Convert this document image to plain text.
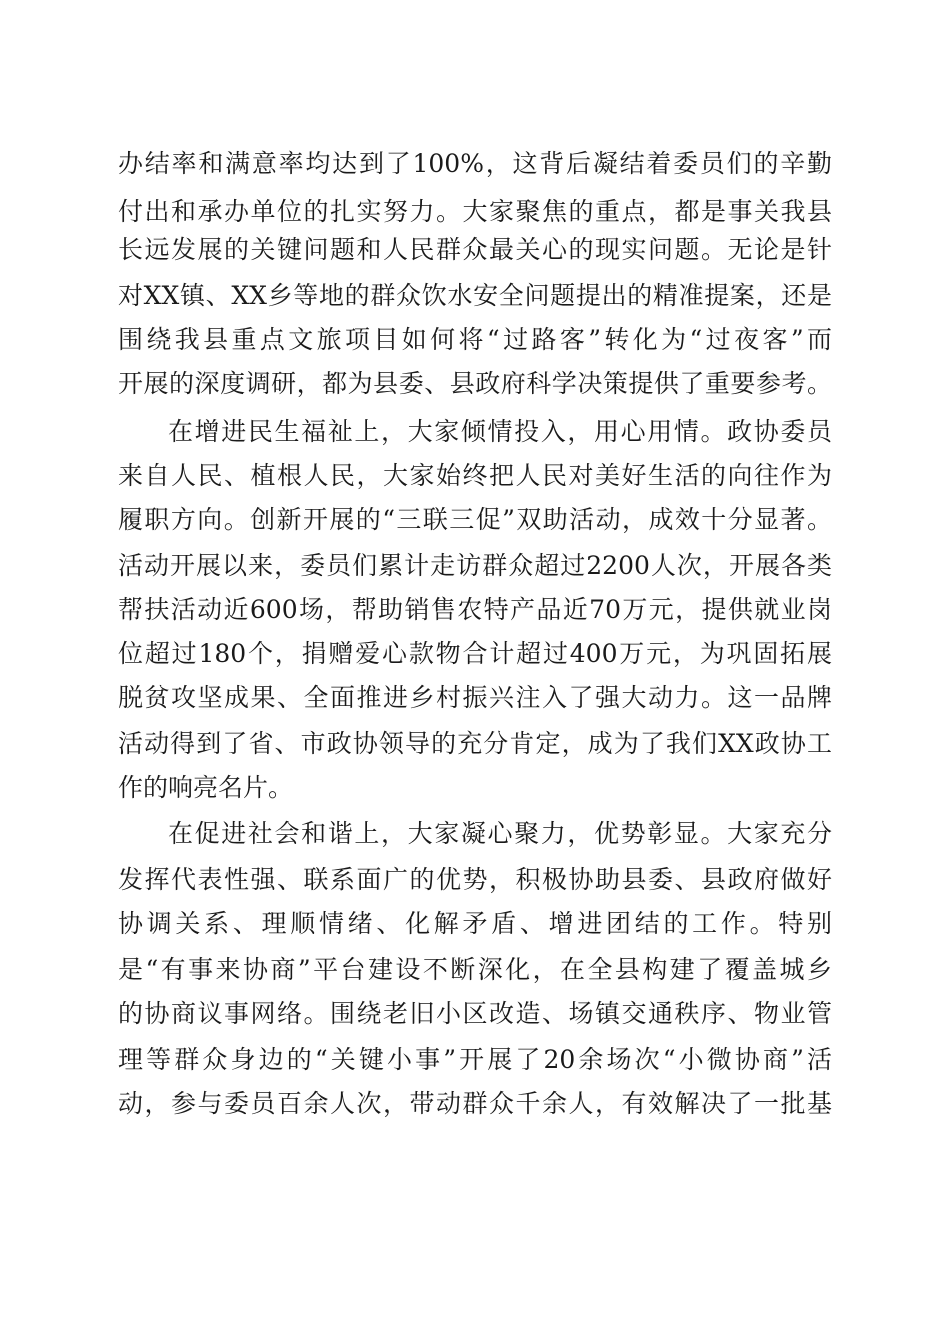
办结率和满意率均达到了100%，这背后凝结着委员们的辛勤
付出和承办单位的扎实努力。大家聚焦的重点，都是事关我县
长远发展的关键问题和人民群众最关心的现实问题。无论是针
对XX镇、XX乡等地的群众饮水安全问题提出的精准提案，还是
围绕我县重点文旅项目如何将“过路客”转化为“过夜客”而
开展的深度调研，都为县委、县政府科学决策提供了重要参考。
在增进民生福祉上，大家倾情投入，用心用情。政协委员
来自人民、植根人民，大家始终把人民对美好生活的向往作为
履职方向。创新开展的“三联三促”双助活动，成效十分显著。
活动开展以来，委员们累计走访群众超过2200人次，开展各类
帮扶活动近600场，帮助销售农特产品近70万元，提供就业岗
位超过180个，捐赠爱心款物合计超过400万元，为巩固拓展
脱贫攻坚成果、全面推进乡村振兴注入了强大动力。这一品牌
活动得到了省、市政协领导的充分肯定，成为了我们XX政协工
作的响亮名片。
在促进社会和谐上，大家凝心聚力，优势彰显。大家充分
发挥代表性强、联系面广的优势，积极协助县委、县政府做好
协调关系、理顺情绪、化解矛盾、增进团结的工作。特别
是“有事来协商”平台建设不断深化，在全县构建了覆盖城乡
的协商议事网络。围绕老旧小区改造、场镇交通秩序、物业管
理等群众身边的“关键小事”开展了20余场次“小微协商”活
动，参与委员百余人次，带动群众千余人，有效解决了一批基
